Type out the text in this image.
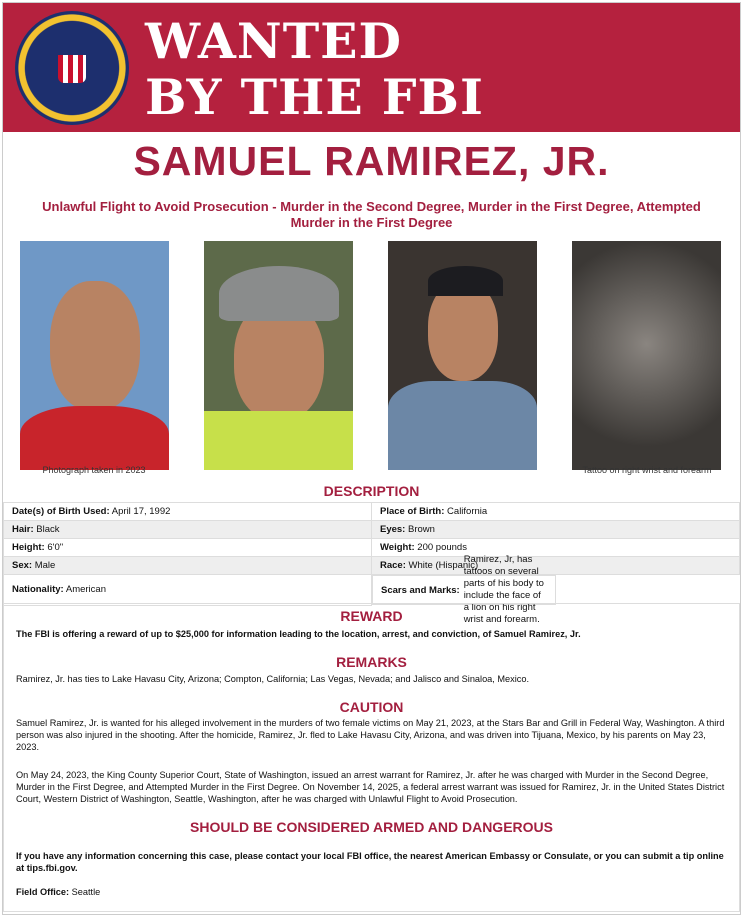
WANTED
BY THE FBI
SAMUEL RAMIREZ, JR.
Unlawful Flight to Avoid Prosecution - Murder in the Second Degree, Murder in the First Degree, Attempted Murder in the First Degree
Photograph taken in 2023	Tattoo on right wrist and forearm
DESCRIPTION
Date(s) of Birth Used: April 17, 1992	Place of Birth: California
Hair: Black	Eyes: Brown
Height: 6'0"	Weight: 200 pounds
Sex: Male	Race: White (Hispanic)
Nationality: American		Scars and Marks:
Ramirez, Jr, has tattoos on several parts of his body to include the face of a lion on his right wrist and forearm.
REWARD
The FBI is offering a reward of up to $25,000 for information leading to the location, arrest, and conviction, of Samuel Ramirez, Jr.
REMARKS
Ramirez, Jr. has ties to Lake Havasu City, Arizona; Compton, California; Las Vegas, Nevada; and Jalisco and Sinaloa, Mexico.
CAUTION
Samuel Ramirez, Jr. is wanted for his alleged involvement in the murders of two female victims on May 21, 2023, at the Stars Bar and Grill in Federal Way, Washington. A third person was also injured in the shooting. After the homicide, Ramirez, Jr. fled to Lake Havasu City, Arizona, and was driven into Tijuana, Mexico, by his parents on May 23, 2023.
On May 24, 2023, the King County Superior Court, State of Washington, issued an arrest warrant for Ramirez, Jr. after he was charged with Murder in the Second Degree, Murder in the First Degree, and Attempted Murder in the First Degree. On November 14, 2025, a federal arrest warrant was issued for Ramirez, Jr. in the United States District Court, Western District of Washington, Seattle, Washington, after he was charged with Unlawful Flight to Avoid Prosecution.
SHOULD BE CONSIDERED ARMED AND DANGEROUS
If you have any information concerning this case, please contact your local FBI office, the nearest American Embassy or Consulate, or you can submit a tip online at tips.fbi.gov.
Field Office: Seattle
